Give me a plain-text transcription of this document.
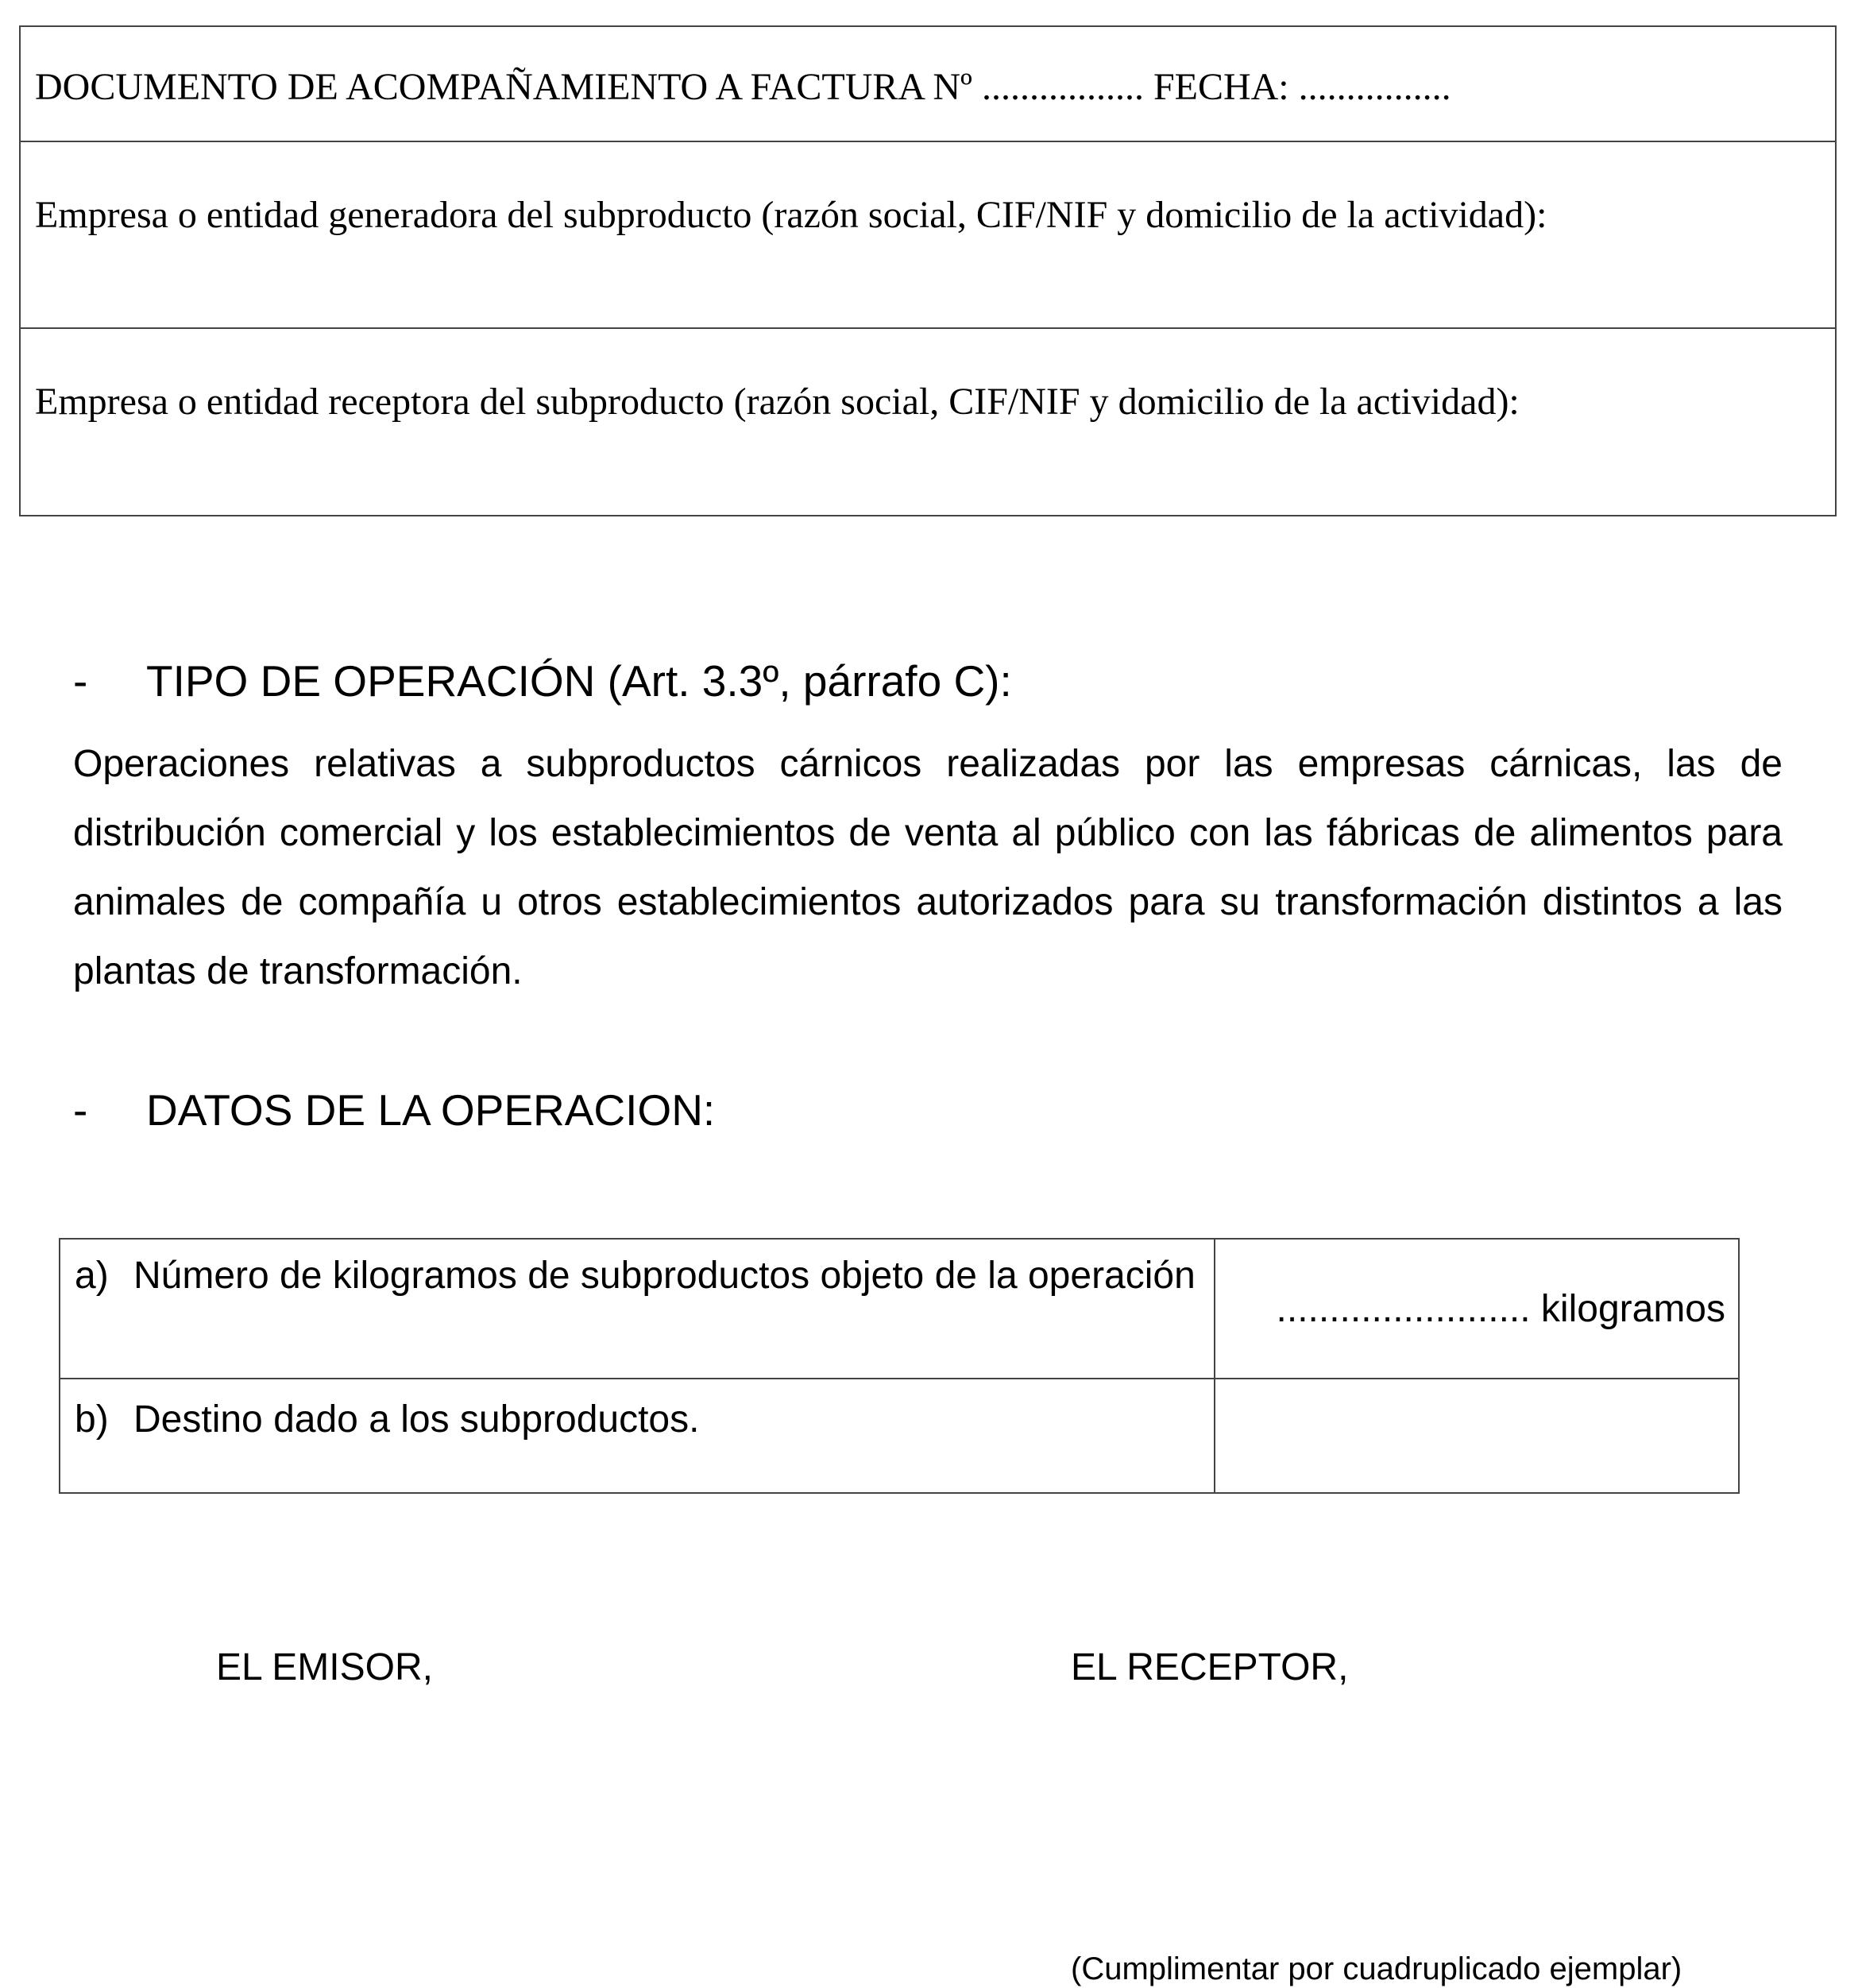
DOCUMENTO DE ACOMPAÑAMIENTO A FACTURA Nº ................. FECHA: ................
Empresa o entidad generadora del subproducto (razón social, CIF/NIF y domicilio de la actividad):
Empresa o entidad receptora del subproducto (razón social, CIF/NIF y domicilio de la actividad):
- TIPO DE OPERACIÓN (Art. 3.3º, párrafo C):
Operaciones relativas a subproductos cárnicos realizadas por las empresas cárnicas, las de distribución comercial y los establecimientos de venta al público con las fábricas de alimentos para animales de compañía u otros establecimientos autorizados para su transformación distintos a las plantas de transformación.
- DATOS DE LA OPERACION:
a) Número de kilogramos de subproductos objeto de la operación	........................ kilogramos

b) Destino dado a los subproductos.	

EL EMISOR,	EL RECEPTOR,
(Cumplimentar por cuadruplicado ejemplar)
